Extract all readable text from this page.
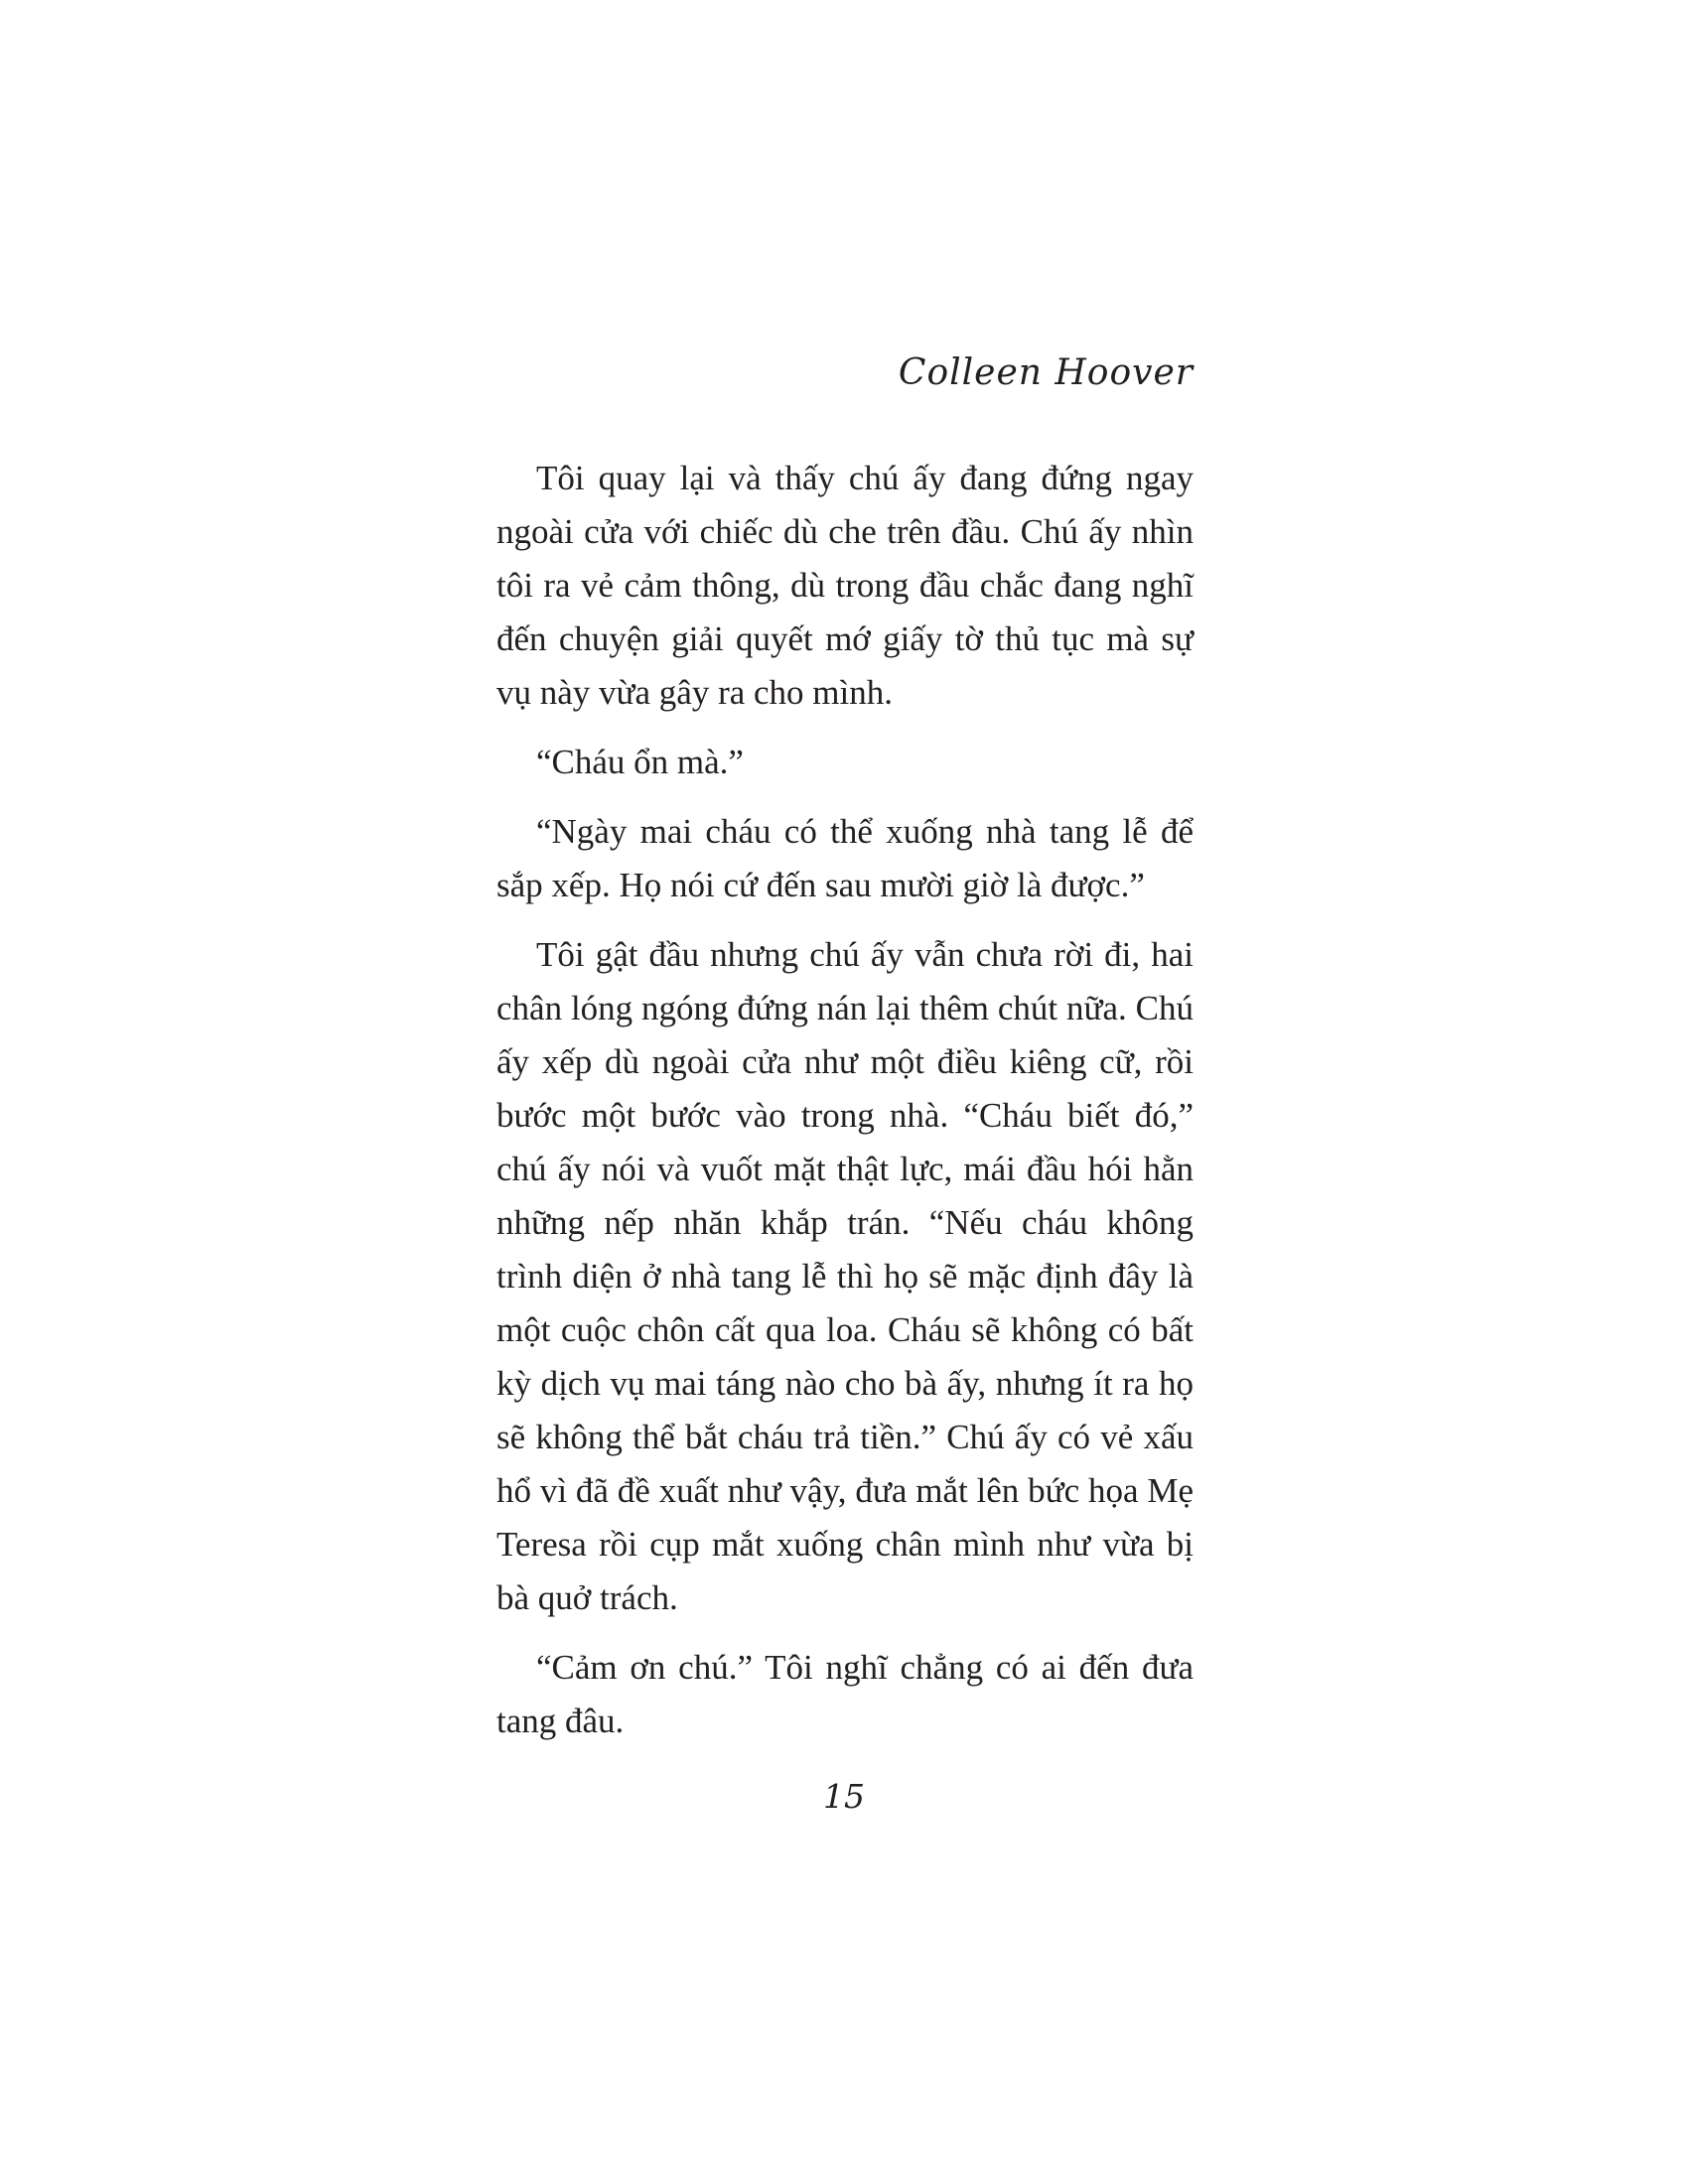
Colleen Hoover

Tôi quay lại và thấy chú ấy đang đứng ngay ngoài cửa với chiếc dù che trên đầu. Chú ấy nhìn tôi ra vẻ cảm thông, dù trong đầu chắc đang nghĩ đến chuyện giải quyết mớ giấy tờ thủ tục mà sự vụ này vừa gây ra cho mình.

“Cháu ổn mà.”

“Ngày mai cháu có thể xuống nhà tang lễ để sắp xếp. Họ nói cứ đến sau mười giờ là được.”

Tôi gật đầu nhưng chú ấy vẫn chưa rời đi, hai chân lóng ngóng đứng nán lại thêm chút nữa. Chú ấy xếp dù ngoài cửa như một điều kiêng cữ, rồi bước một bước vào trong nhà. “Cháu biết đó,” chú ấy nói và vuốt mặt thật lực, mái đầu hói hằn những nếp nhăn khắp trán. “Nếu cháu không trình diện ở nhà tang lễ thì họ sẽ mặc định đây là một cuộc chôn cất qua loa. Cháu sẽ không có bất kỳ dịch vụ mai táng nào cho bà ấy, nhưng ít ra họ sẽ không thể bắt cháu trả tiền.” Chú ấy có vẻ xấu hổ vì đã đề xuất như vậy, đưa mắt lên bức họa Mẹ Teresa rồi cụp mắt xuống chân mình như vừa bị bà quở trách.

“Cảm ơn chú.” Tôi nghĩ chẳng có ai đến đưa tang đâu.

15
